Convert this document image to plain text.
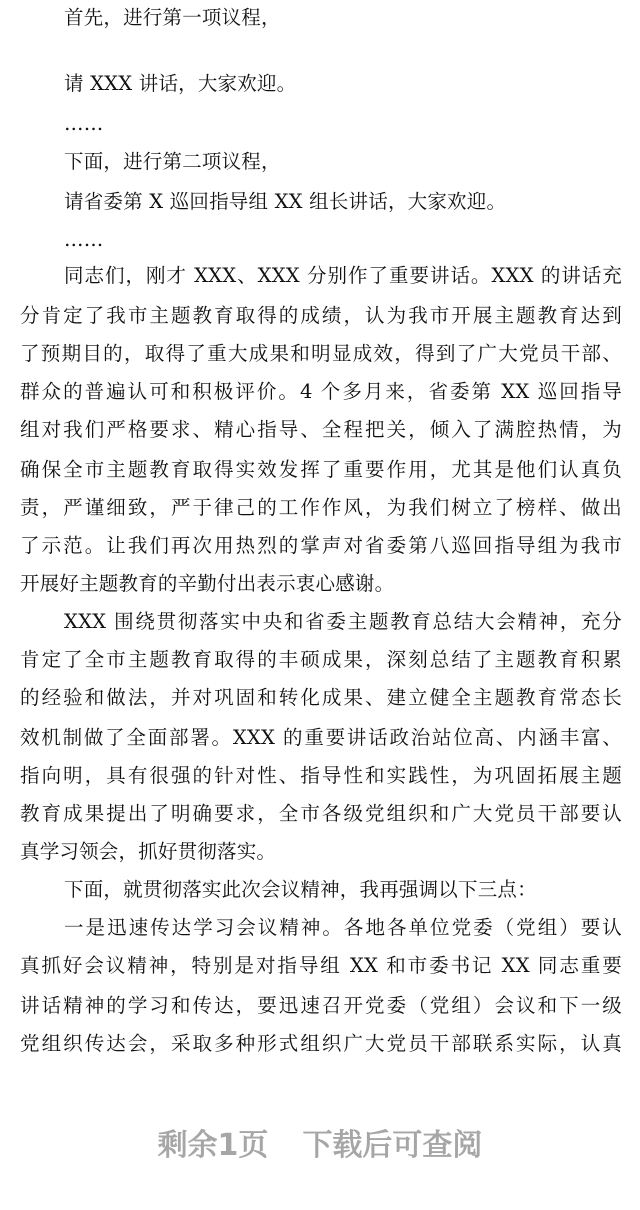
首先，进行第一项议程，
请 XXX 讲话，大家欢迎。
……
下面，进行第二项议程，
请省委第 X 巡回指导组 XX 组长讲话，大家欢迎。
……
同志们，刚才 XXX、XXX 分别作了重要讲话。XXX 的讲话充
分肯定了我市主题教育取得的成绩，认为我市开展主题教育达到
了预期目的，取得了重大成果和明显成效，得到了广大党员干部、
群众的普遍认可和积极评价。4 个多月来，省委第 XX 巡回指导
组对我们严格要求、精心指导、全程把关，倾入了满腔热情，为
确保全市主题教育取得实效发挥了重要作用，尤其是他们认真负
责，严谨细致，严于律己的工作作风，为我们树立了榜样、做出
了示范。让我们再次用热烈的掌声对省委第八巡回指导组为我市
开展好主题教育的辛勤付出表示衷心感谢。
XXX 围绕贯彻落实中央和省委主题教育总结大会精神，充分
肯定了全市主题教育取得的丰硕成果，深刻总结了主题教育积累
的经验和做法，并对巩固和转化成果、建立健全主题教育常态长
效机制做了全面部署。XXX 的重要讲话政治站位高、内涵丰富、
指向明，具有很强的针对性、指导性和实践性，为巩固拓展主题
教育成果提出了明确要求，全市各级党组织和广大党员干部要认
真学习领会，抓好贯彻落实。
下面，就贯彻落实此次会议精神，我再强调以下三点：
一是迅速传达学习会议精神。各地各单位党委（党组）要认
真抓好会议精神，特别是对指导组 XX 和市委书记 XX 同志重要
讲话精神的学习和传达，要迅速召开党委（党组）会议和下一级
党组织传达会，采取多种形式组织广大党员干部联系实际，认真
剩余1页 下载后可查阅
